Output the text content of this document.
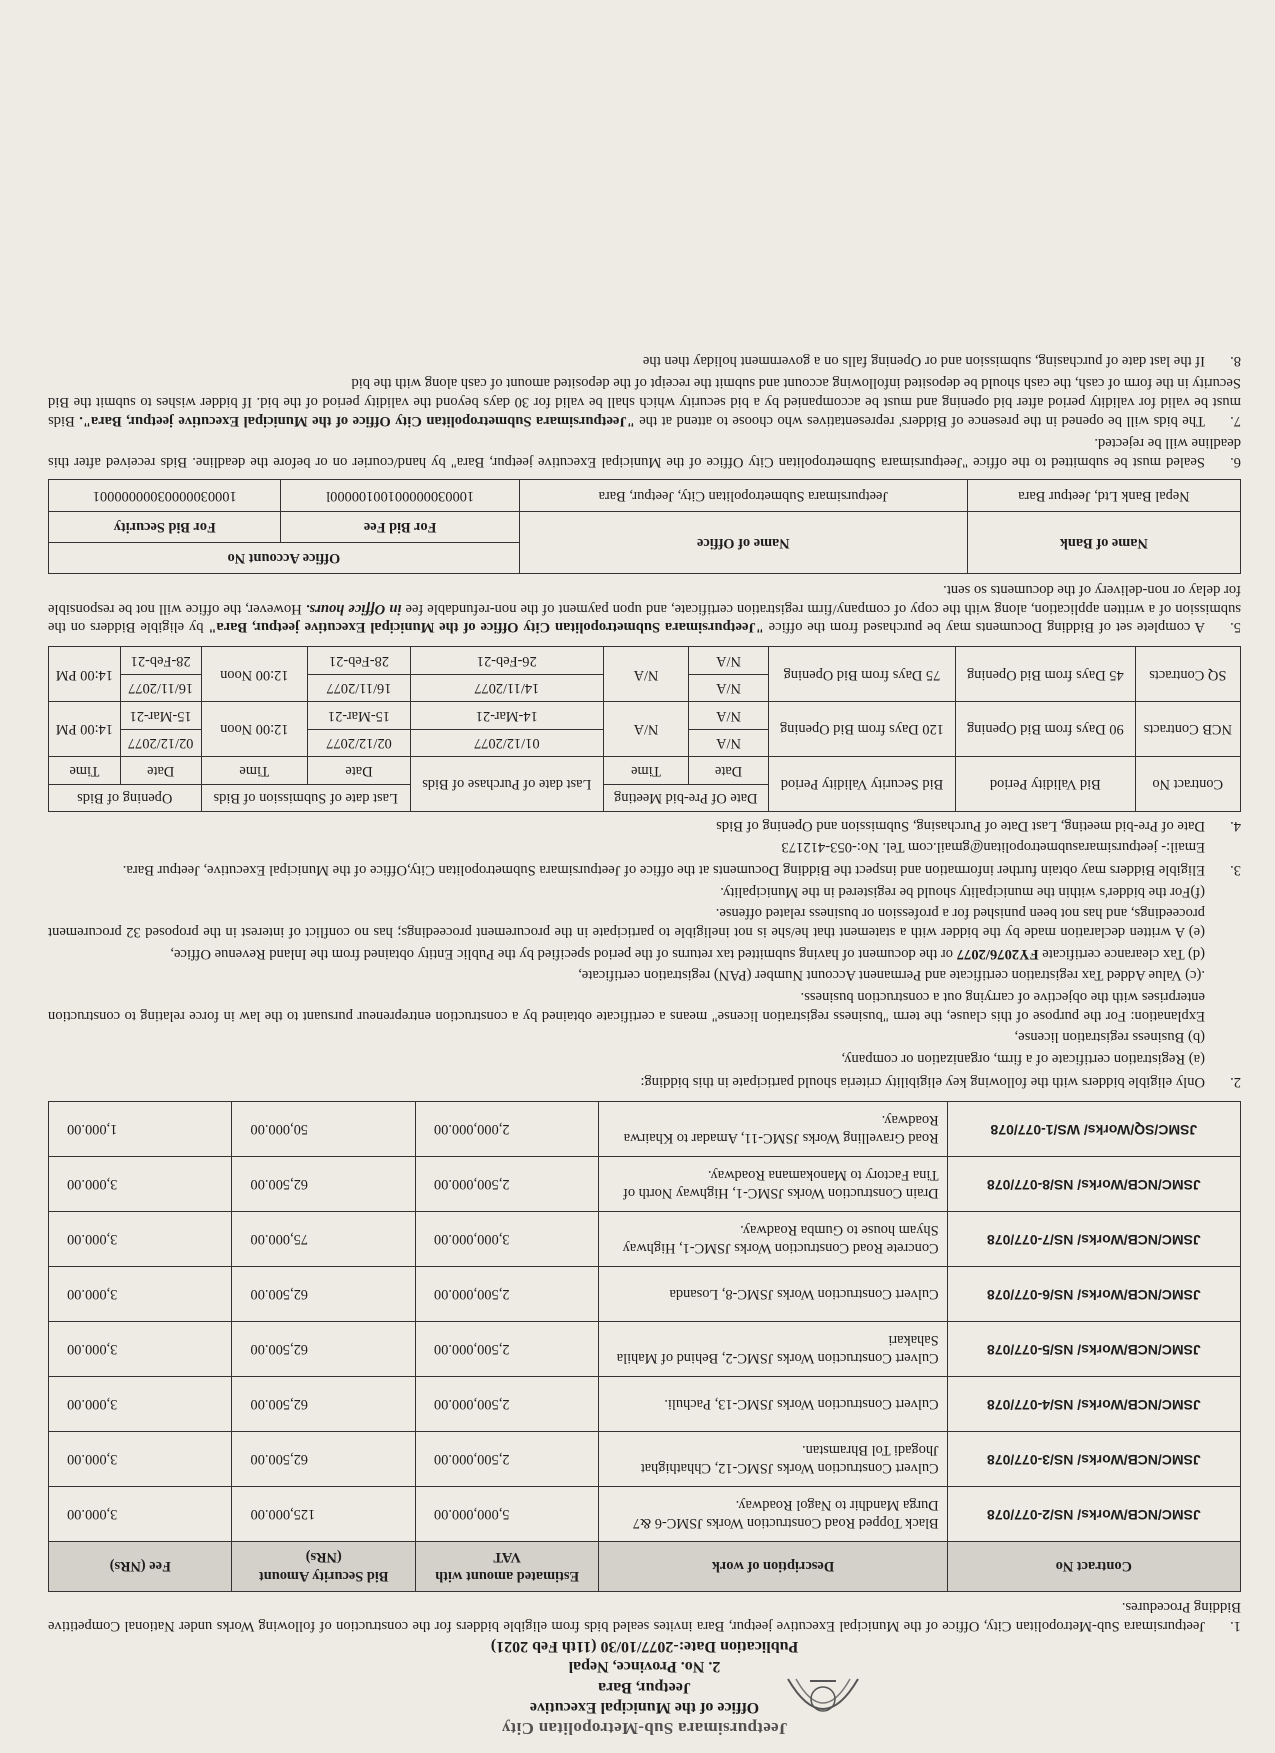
Jeetpursimara Sub-Metropolitan City
Office of the Municipal Executive
Jeetpur, Bara
2. No. Province, Nepal
Publication Date:-2077/10/30 (11th Feb 2021)

1.Jeetpursimara Sub-Metropolitan City, Office of the Municipal Executive jeetpur, Bara invites sealed bids from eligible bidders for the construction of following Works under National Competitive Bidding Procedures.

Contract No	Description of work	Estimated amount with VAT	Bid Security Amount (NRs)	Fee (NRs)
JSMC/NCB/Works/ NS/2-077/078	Black Topped Road Construction Works JSMC-6 &7 Durga Mandhir to Nagol Roadway.	5,000,000.00	125,000.00	3,000.00
JSMC/NCB/Works/ NS/3-077/078	Culvert Construction Works JSMC-12, Chhathighat Jhogadi Tol Bhramstan.	2,500,000.00	62,500.00	3,000.00
JSMC/NCB/Works/ NS/4-077/078	Culvert Construction Works JSMC-13, Pachuli.	2,500,000.00	62,500.00	3,000.00
JSMC/NCB/Works/ NS/5-077/078	Culvert Construction Works JSMC-2, Behind of Mahila Sahakari	2,500,000.00	62,500.00	3,000.00
JSMC/NCB/Works/ NS/6-077/078	Culvert Construction Works JSMC-8, Losanda	2,500,000.00	62,500.00	3,000.00
JSMC/NCB/Works/ NS/7-077/078	Concrete Road Construction Works JSMC-1, Highway Shyam house to Gumba Roadway.	3,000,000.00	75,000.00	3,000.00
JSMC/NCB/Works/ NS/8-077/078	Drain Construction Works JSMC-1, Highway North of Tina Factory to Manokamana Roadway.	2,500,000.00	62,500.00	3,000.00
JSMC/SQ/Works/ WS/1-077/078	Road Gravelling Works JSMC-11, Amadar to Khairwa Roadway.	2,000,000.00	50,000.00	1,000.00

2.Only eligible bidders with the following key eligibility criteria should participate in this bidding:

(a) Registration certificate of a firm, organization or company,

(b) Business registration license,

Explanation: For the purpose of this clause, the term "business registration license" means a certificate obtained by a construction entrepreneur pursuant to the law in force relating to construction enterprises with the objective of carrying out a construction business.

.(c) Value Added Tax registration certificate and Permanent Account Number (PAN) registration certificate,

(d) Tax clearance certificate FY2076/2077 or the document of having submitted tax returns of the period specified by the Public Entity obtained from the Inland Revenue Office,

(e) A written declaration made by the bidder with a statement that he/she is not ineligible to participate in the procurement proceedings; has no conflict of interest in the proposed 32 procurement proceedings, and has not been punished for a profession or business related offense.

(f)For the bidder's within the municipality should be registered in the Municipality.

3.Eligible Bidders may obtain further information and inspect the Bidding Documents at the office of Jeetpursimara Submetropolitan City,Office of the Municipal Executive, Jeetpur Bara.

Email:- jeetpursimarasubmetropolitan@gmail.com Tel. No:-053-412173

4.Date of Pre-bid meeting, Last Date of Purchasing, Submission and Opening of Bids

Contract No	Bid Validity Period	Bid Security Validity Period	Date Of Pre-bid Meeting		Last date of Purchase of Bids	Last date of Submission of Bids		Opening of Bids	
			Date	Time		Date	Time	Date	Time
NCB Contracts	90 Days from Bid Opening	120 Days from Bid Opening	N/A	N/A	01/12/2077	02/12/2077	12:00 Noon	02/12/2077	14:00 PM
			N/A		14-Mar-21	15-Mar-21		15-Mar-21	
SQ Contracts	45 Days from Bid Opening	75 Days from Bid Opening	N/A	N/A	14/11/2077	16/11/2077	12:00 Noon	16/11/2077	14:00 PM
			N/A		26-Feb-21	28-Feb-21		28-Feb-21	

5.A complete set of Bidding Documents may be purchased from the office "Jeetpursimara Submetropolitan City Office of the Municipal Executive jeetpur, Bara" by eligible Bidders on the submission of a written application, along with the copy of company/firm registration certificate, and upon payment of the non-refundable fee in Office hours. However, the office will not be responsible for delay or non-delivery of the documents so sent.

Name of Bank	Name of Office	Office Account No	
		For Bid Fee	For Bid Security
Nepal Bank Ltd, Jeetpur Bara	Jeetpursimara Submetropolitan City, Jeetpur, Bara	10003000000100100000l	10003000003000000001

6.Sealed must be submitted to the office "Jeetpursimara Submetropolitan City Office of the Municipal Executive jeetpur, Bara" by hand/courier on or before the deadline. Bids received after this deadline will be rejected.

7.The bids will be opened in the presence of Bidders' representatives who choose to attend at the "Jeetpursimara Submetropolitan City Office of the Municipal Executive jeetpur, Bara". Bids must be valid for validity period after bid opening and must be accompanied by a bid security which shall be valid for 30 days beyond the validity period of the bid. If bidder wishes to submit the Bid Security in the form of cash, the cash should be deposited infollowing account and submit the receipt of the deposited amount of cash along with the bid

8.If the last date of purchasing, submission and or Opening falls on a government holiday then the
